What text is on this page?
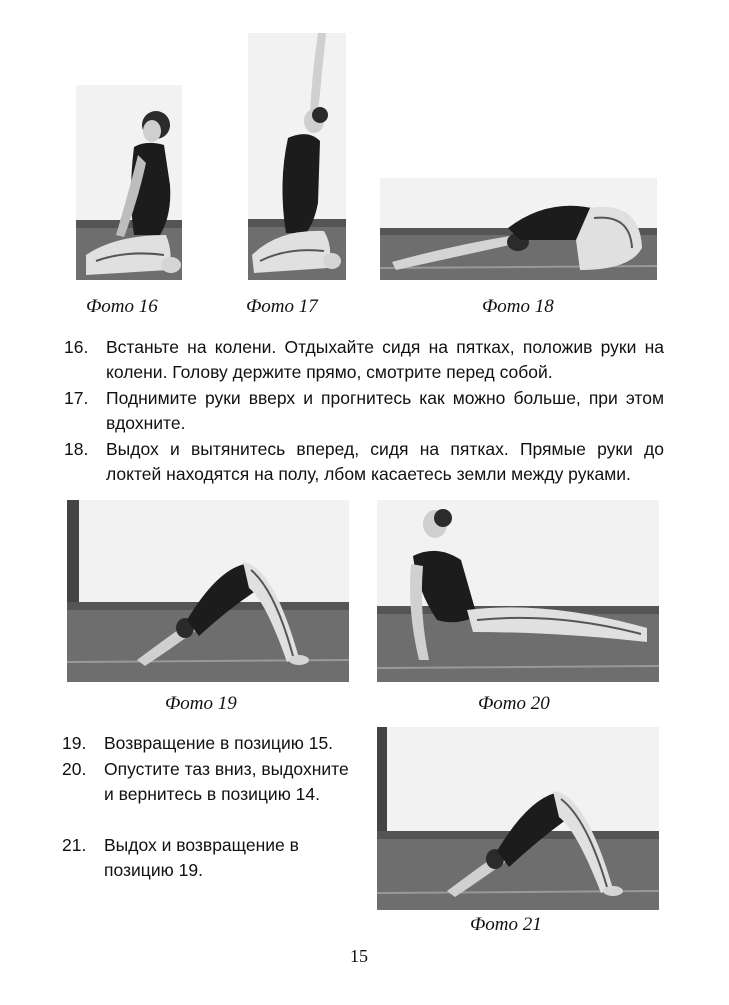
Фото 16	Фото 17	Фото 18
16.	Встаньте на колени. Отдыхайте сидя на пятках, положив руки на колени. Голову держите прямо, смотрите перед собой.
17.	Поднимите руки вверх и прогнитесь как можно больше, при этом вдохните.
18.	Выдох и вытянитесь вперед, сидя на пятках. Прямые руки до локтей находятся на полу, лбом касаетесь земли между руками.
Фото 19	Фото 20
19.	Возвращение в позицию 15.
20.	Опустите таз вниз, выдохните и вернитесь в позицию 14.
21.	Выдох и возвращение в позицию 19.
Фото 21
15
